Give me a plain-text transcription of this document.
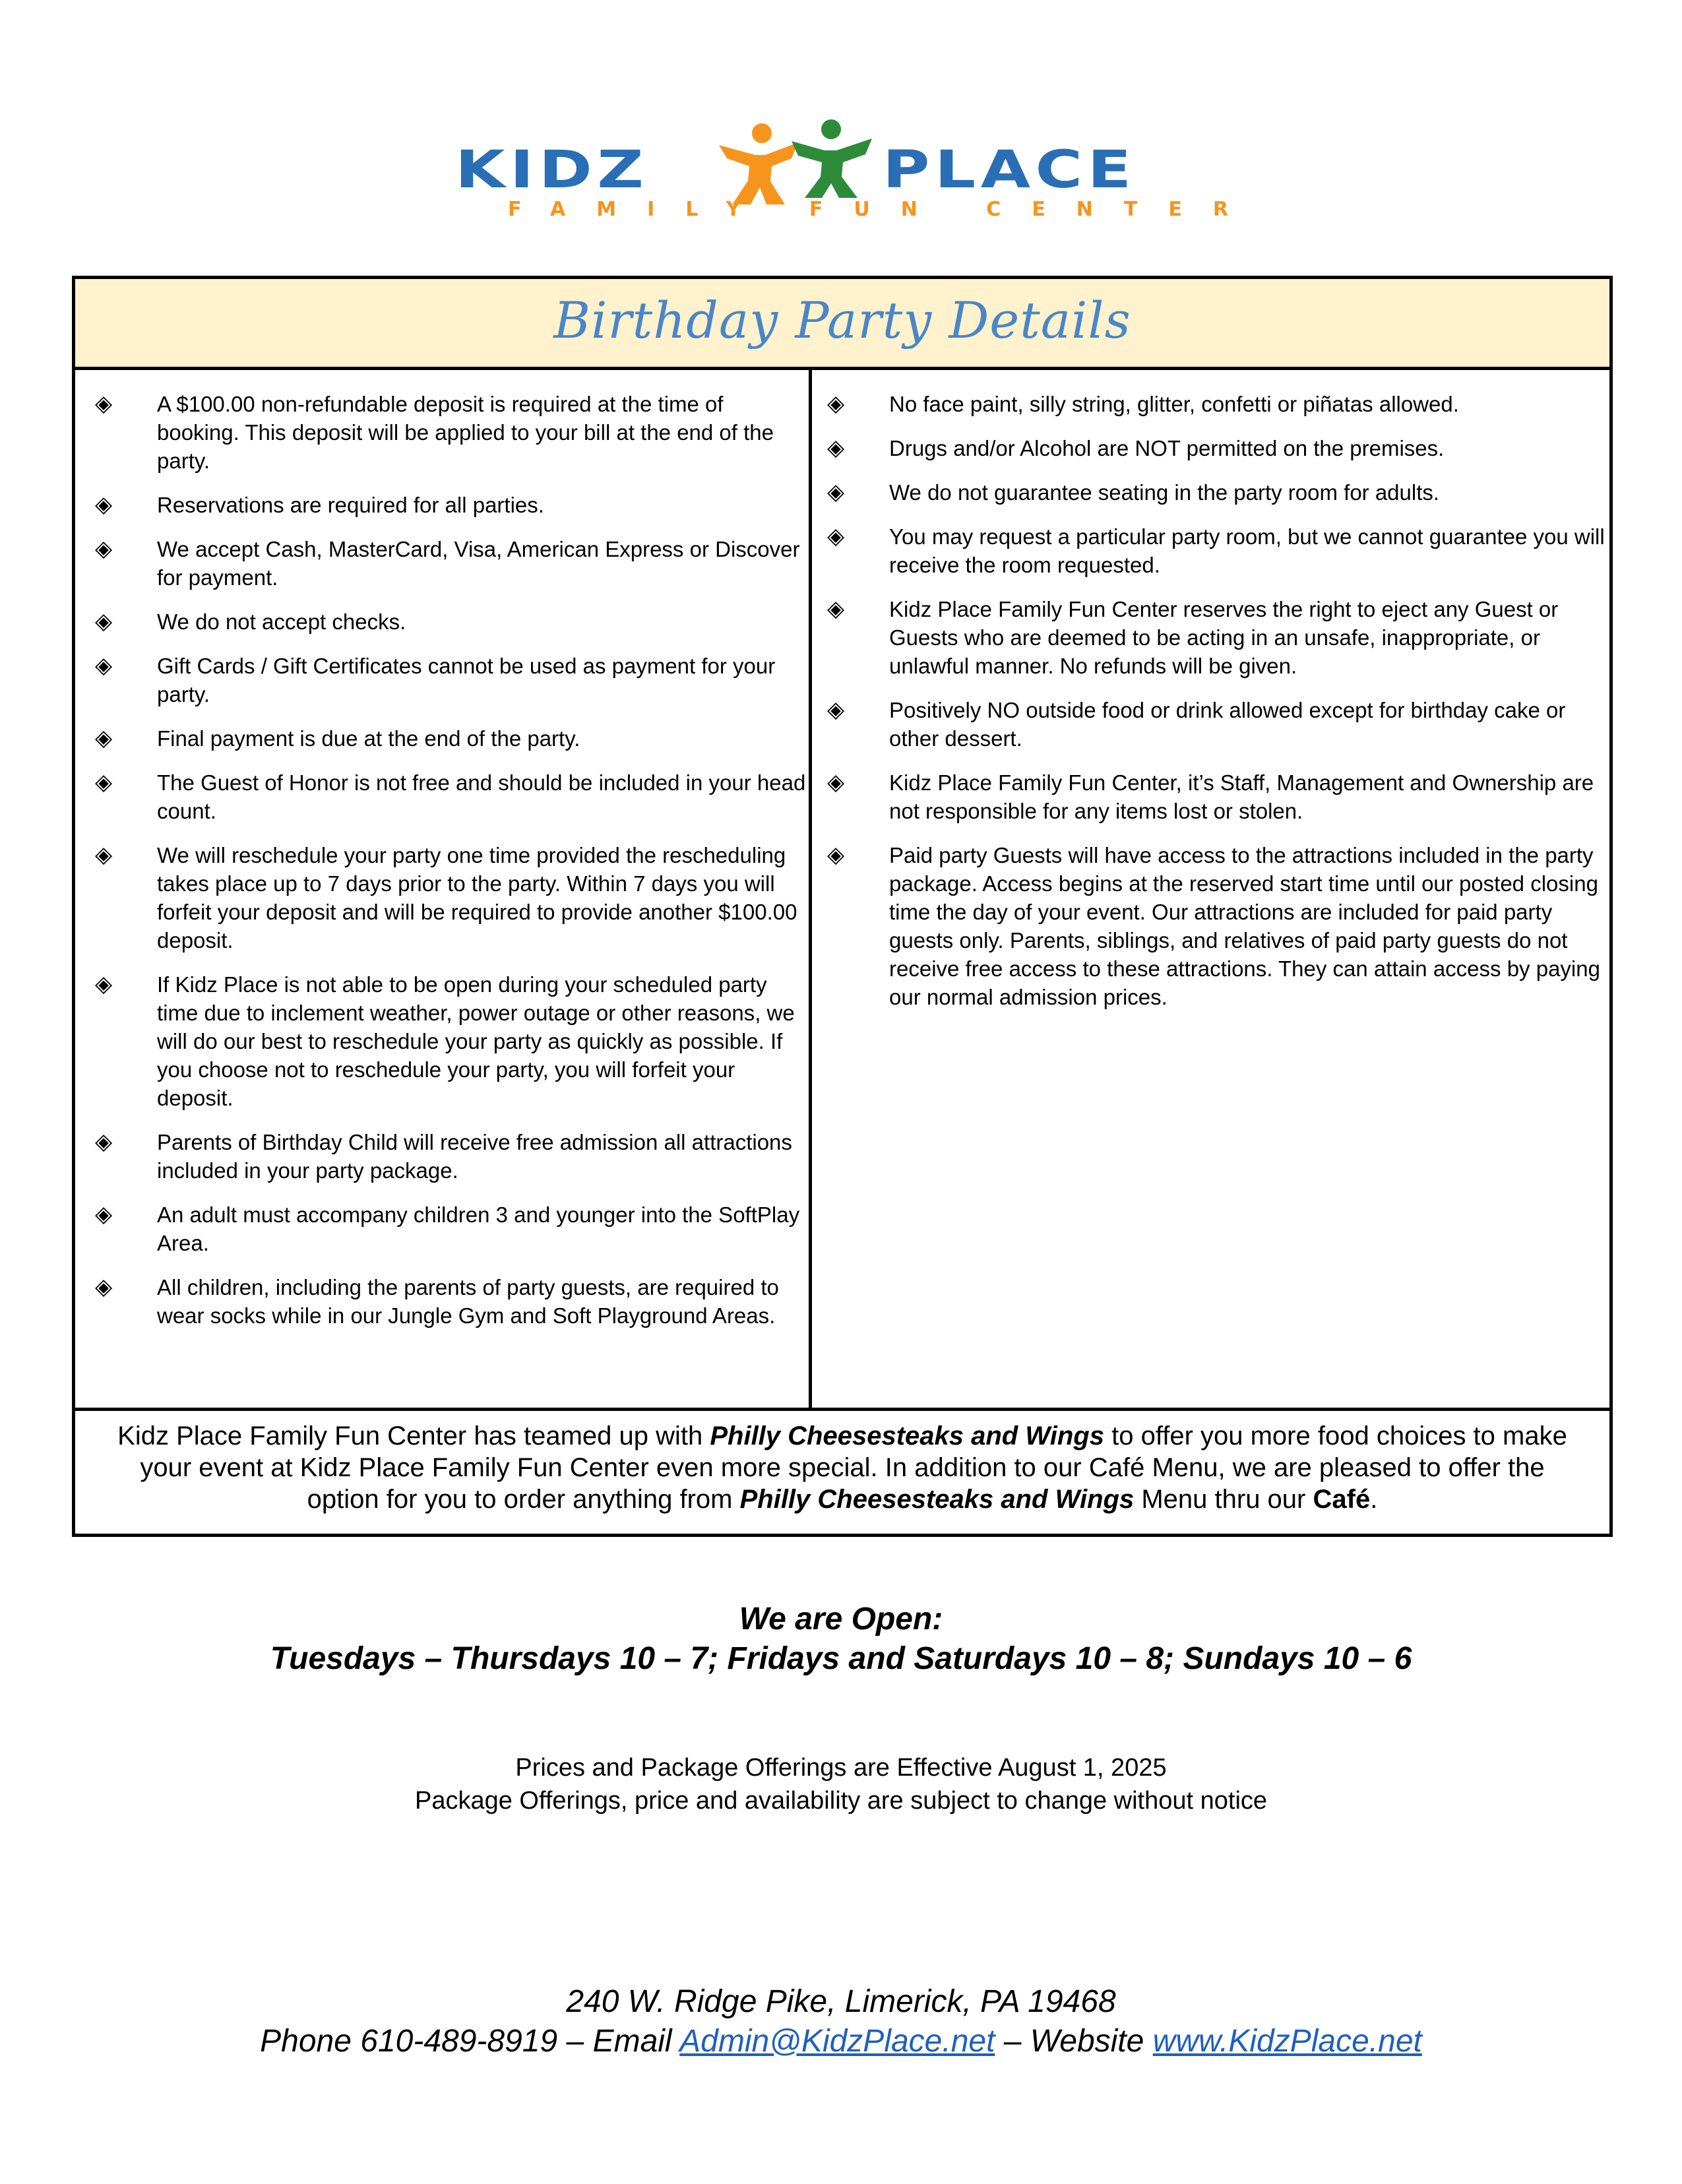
KIDZ	PLACE
FAMILY FUN CENTER
Birthday Party Details
◈	A $100.00 non-refundable deposit is required at the time of booking. This deposit will be applied to your bill at the end of the party.
◈	Reservations are required for all parties.
◈	We accept Cash, MasterCard, Visa, American Express or Discover for payment.
◈	We do not accept checks.
◈	Gift Cards / Gift Certificates cannot be used as payment for your party.
◈	Final payment is due at the end of the party.
◈	The Guest of Honor is not free and should be included in your head count.
◈	We will reschedule your party one time provided the rescheduling takes place up to 7 days prior to the party. Within 7 days you will forfeit your deposit and will be required to provide another $100.00 deposit.
◈	If Kidz Place is not able to be open during your scheduled party time due to inclement weather, power outage or other reasons, we will do our best to reschedule your party as quickly as possible. If you choose not to reschedule your party, you will forfeit your deposit.
◈	Parents of Birthday Child will receive free admission all attractions included in your party package.
◈	An adult must accompany children 3 and younger into the SoftPlay Area.
◈	All children, including the parents of party guests, are required to wear socks while in our Jungle Gym and Soft Playground Areas.
◈	No face paint, silly string, glitter, confetti or piñatas allowed.
◈	Drugs and/or Alcohol are NOT permitted on the premises.
◈	We do not guarantee seating in the party room for adults.
◈	You may request a particular party room, but we cannot guarantee you will receive the room requested.
◈	Kidz Place Family Fun Center reserves the right to eject any Guest or Guests who are deemed to be acting in an unsafe, inappropriate, or unlawful manner. No refunds will be given.
◈	Positively NO outside food or drink allowed except for birthday cake or other dessert.
◈	Kidz Place Family Fun Center, it’s Staff, Management and Ownership are not responsible for any items lost or stolen.
◈	Paid party Guests will have access to the attractions included in the party package. Access begins at the reserved start time until our posted closing time the day of your event. Our attractions are included for paid party guests only. Parents, siblings, and relatives of paid party guests do not receive free access to these attractions. They can attain access by paying our normal admission prices.

Kidz Place Family Fun Center has teamed up with Philly Cheesesteaks and Wings to offer you more food choices to make

your event at Kidz Place Family Fun Center even more special. In addition to our Café Menu, we are pleased to offer the

option for you to order anything from Philly Cheesesteaks and Wings Menu thru our Café.

We are Open:
Tuesdays – Thursdays 10 – 7; Fridays and Saturdays 10 – 8; Sundays 10 – 6
Prices and Package Offerings are Effective August 1, 2025
Package Offerings, price and availability are subject to change without notice
240 W. Ridge Pike, Limerick, PA 19468
Phone 610-489-8919 – Email Admin@KidzPlace.net – Website www.KidzPlace.net
